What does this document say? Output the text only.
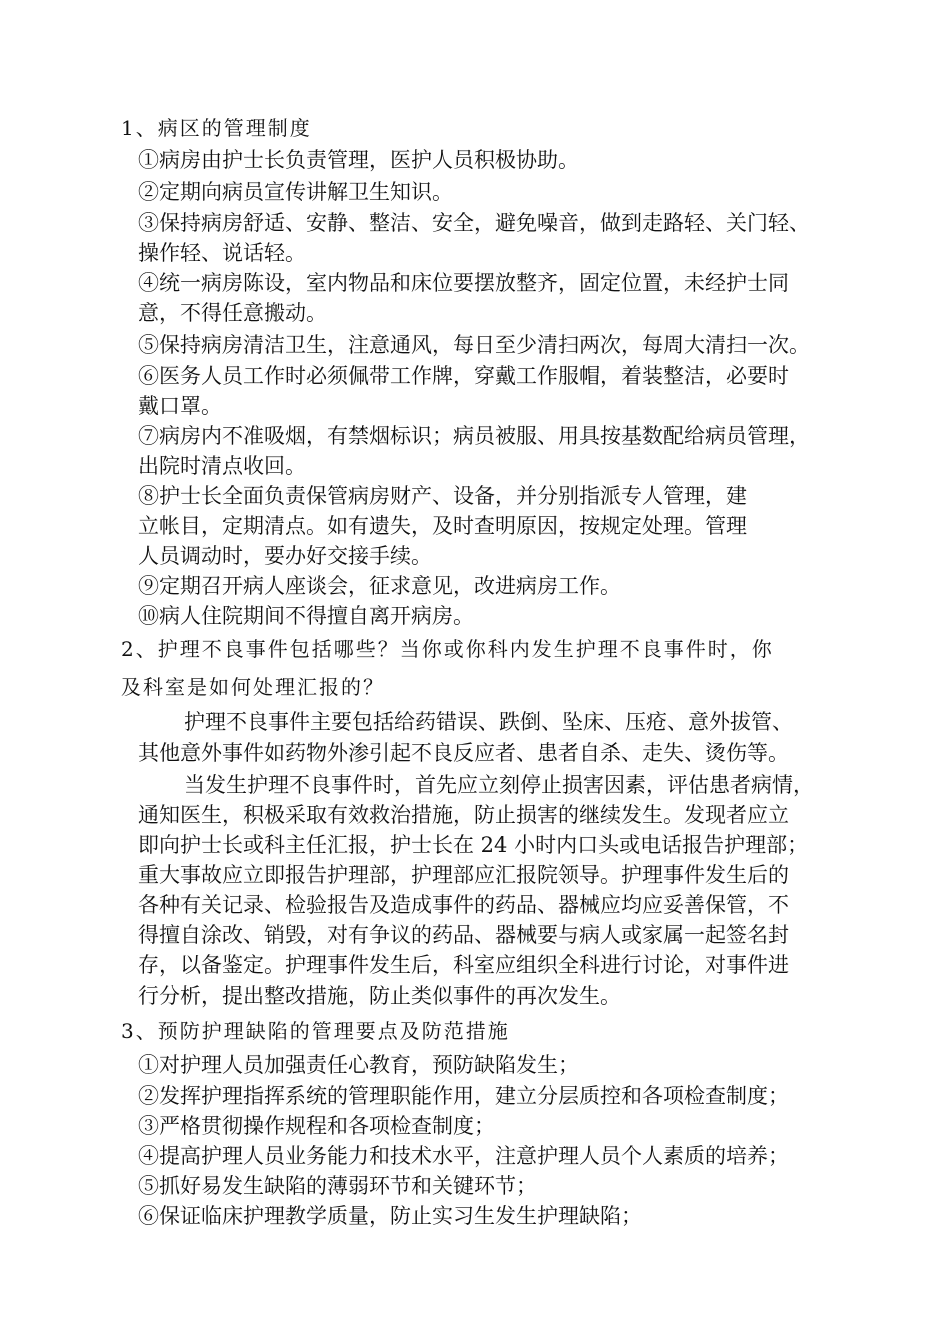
1、病区的管理制度
①病房由护士长负责管理，医护人员积极协助。
②定期向病员宣传讲解卫生知识。
③保持病房舒适、安静、整洁、安全，避免噪音，做到走路轻、关门轻、
操作轻、说话轻。
④统一病房陈设，室内物品和床位要摆放整齐，固定位置，未经护士同
意，不得任意搬动。
⑤保持病房清洁卫生，注意通风，每日至少清扫两次，每周大清扫一次。
⑥医务人员工作时必须佩带工作牌，穿戴工作服帽，着装整洁，必要时
戴口罩。
⑦病房内不准吸烟，有禁烟标识；病员被服、用具按基数配给病员管理，
出院时清点收回。
⑧护士长全面负责保管病房财产、设备，并分别指派专人管理，建
立帐目，定期清点。如有遗失，及时查明原因，按规定处理。管理
人员调动时，要办好交接手续。
⑨定期召开病人座谈会，征求意见，改进病房工作。
⑩病人住院期间不得擅自离开病房。
2、护理不良事件包括哪些？当你或你科内发生护理不良事件时，你
及科室是如何处理汇报的？
护理不良事件主要包括给药错误、跌倒、坠床、压疮、意外拔管、
其他意外事件如药物外渗引起不良反应者、患者自杀、走失、烫伤等。
当发生护理不良事件时，首先应立刻停止损害因素，评估患者病情，
通知医生，积极采取有效救治措施，防止损害的继续发生。发现者应立
即向护士长或科主任汇报，护士长在 24 小时内口头或电话报告护理部；
重大事故应立即报告护理部，护理部应汇报院领导。护理事件发生后的
各种有关记录、检验报告及造成事件的药品、器械应均应妥善保管，不
得擅自涂改、销毁，对有争议的药品、器械要与病人或家属一起签名封
存，以备鉴定。护理事件发生后，科室应组织全科进行讨论，对事件进
行分析，提出整改措施，防止类似事件的再次发生。
3、预防护理缺陷的管理要点及防范措施
①对护理人员加强责任心教育，预防缺陷发生；
②发挥护理指挥系统的管理职能作用，建立分层质控和各项检查制度；
③严格贯彻操作规程和各项检查制度；
④提高护理人员业务能力和技术水平，注意护理人员个人素质的培养；
⑤抓好易发生缺陷的薄弱环节和关键环节；
⑥保证临床护理教学质量，防止实习生发生护理缺陷；
